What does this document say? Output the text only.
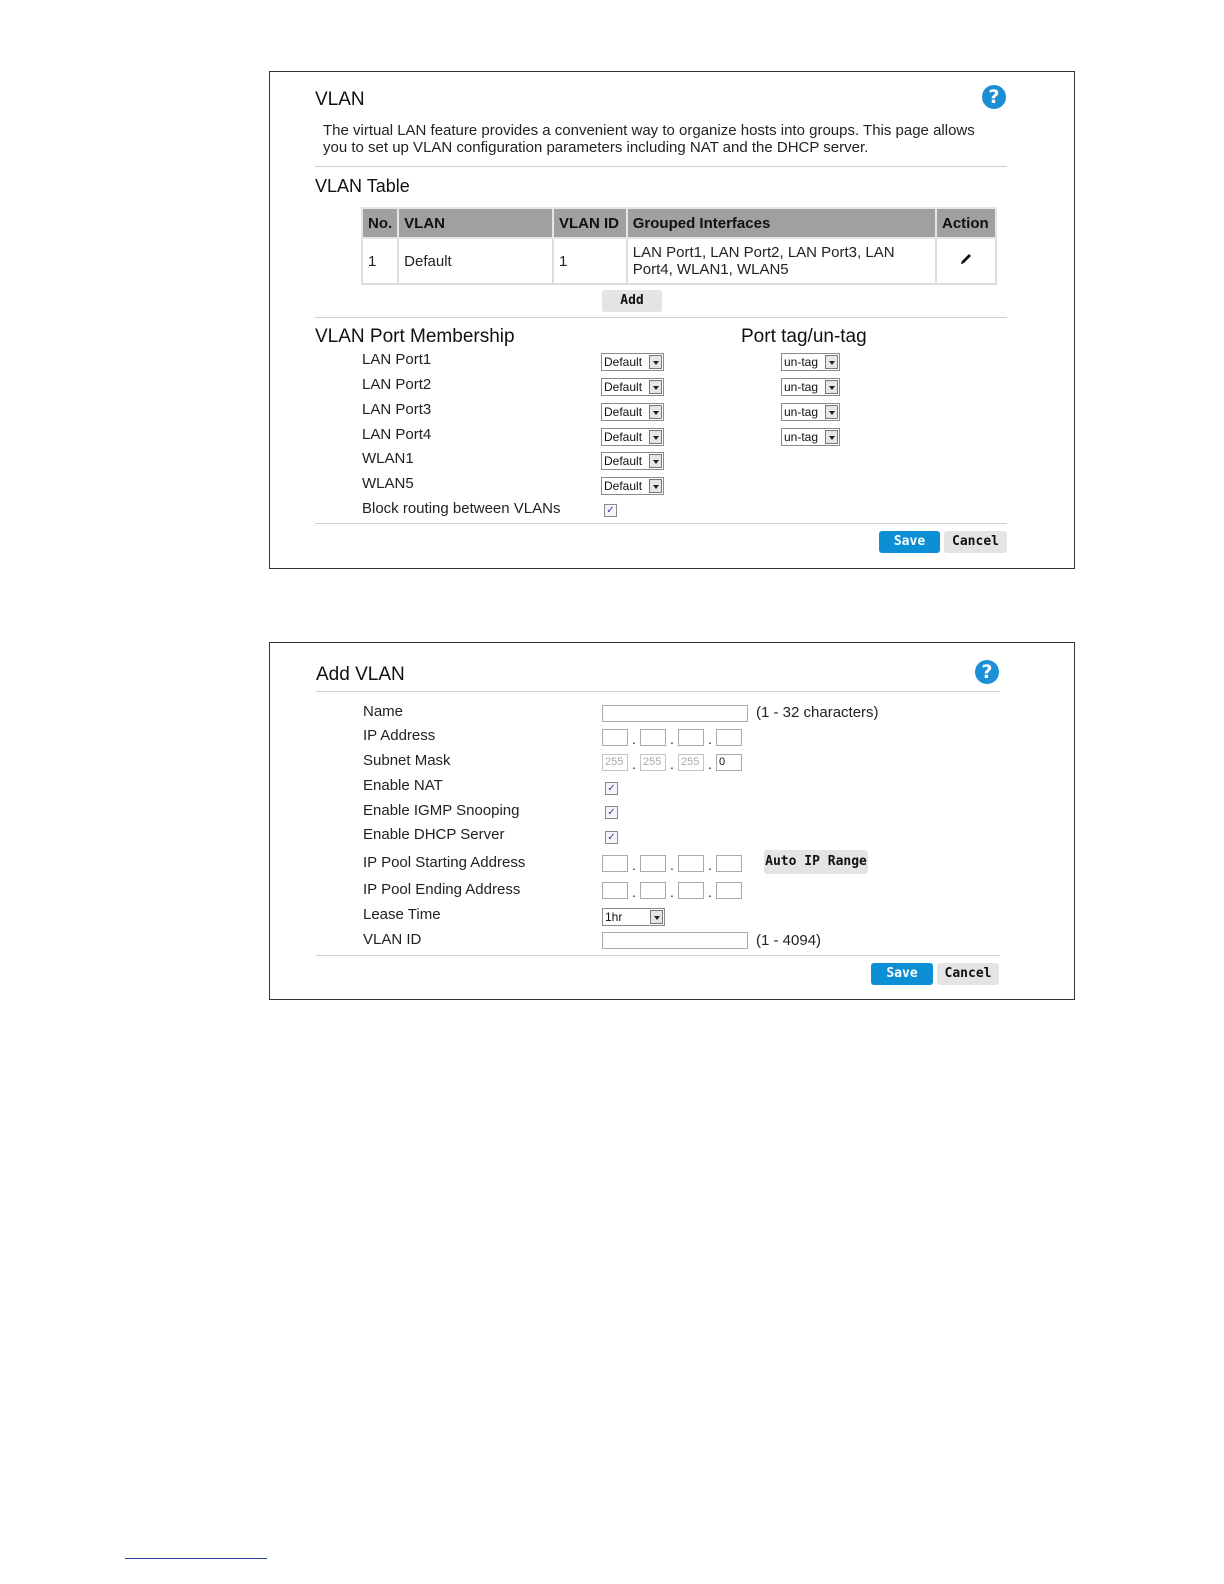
VLAN	?
The virtual LAN feature provides a convenient way to organize hosts into groups. This page allows
you to set up VLAN configuration parameters including NAT and the DHCP server.
VLAN Table
No.	VLAN	VLAN ID	Grouped Interfaces	Action
1	Default	1	LAN Port1, LAN Port2, LAN Port3, LAN
Port4, WLAN1, WLAN5

Add
VLAN Port Membership	Port tag/un-tag
LAN Port1	Default	un-tag
LAN Port2	Default	un-tag
LAN Port3	Default	un-tag
LAN Port4	Default	un-tag
WLAN1	Default
WLAN5	Default
Block routing between VLANs	✓
Save	Cancel
Add VLAN	?
Name	(1 - 32 characters)
IP Address	. . .
Subnet Mask	255 . 255 . 255 . 0
Enable NAT	✓
Enable IGMP Snooping	✓
Enable DHCP Server	✓
IP Pool Starting Address	. . .	Auto IP Range
IP Pool Ending Address	. . .
Lease Time	1hr
VLAN ID	(1 - 4094)
Save	Cancel
